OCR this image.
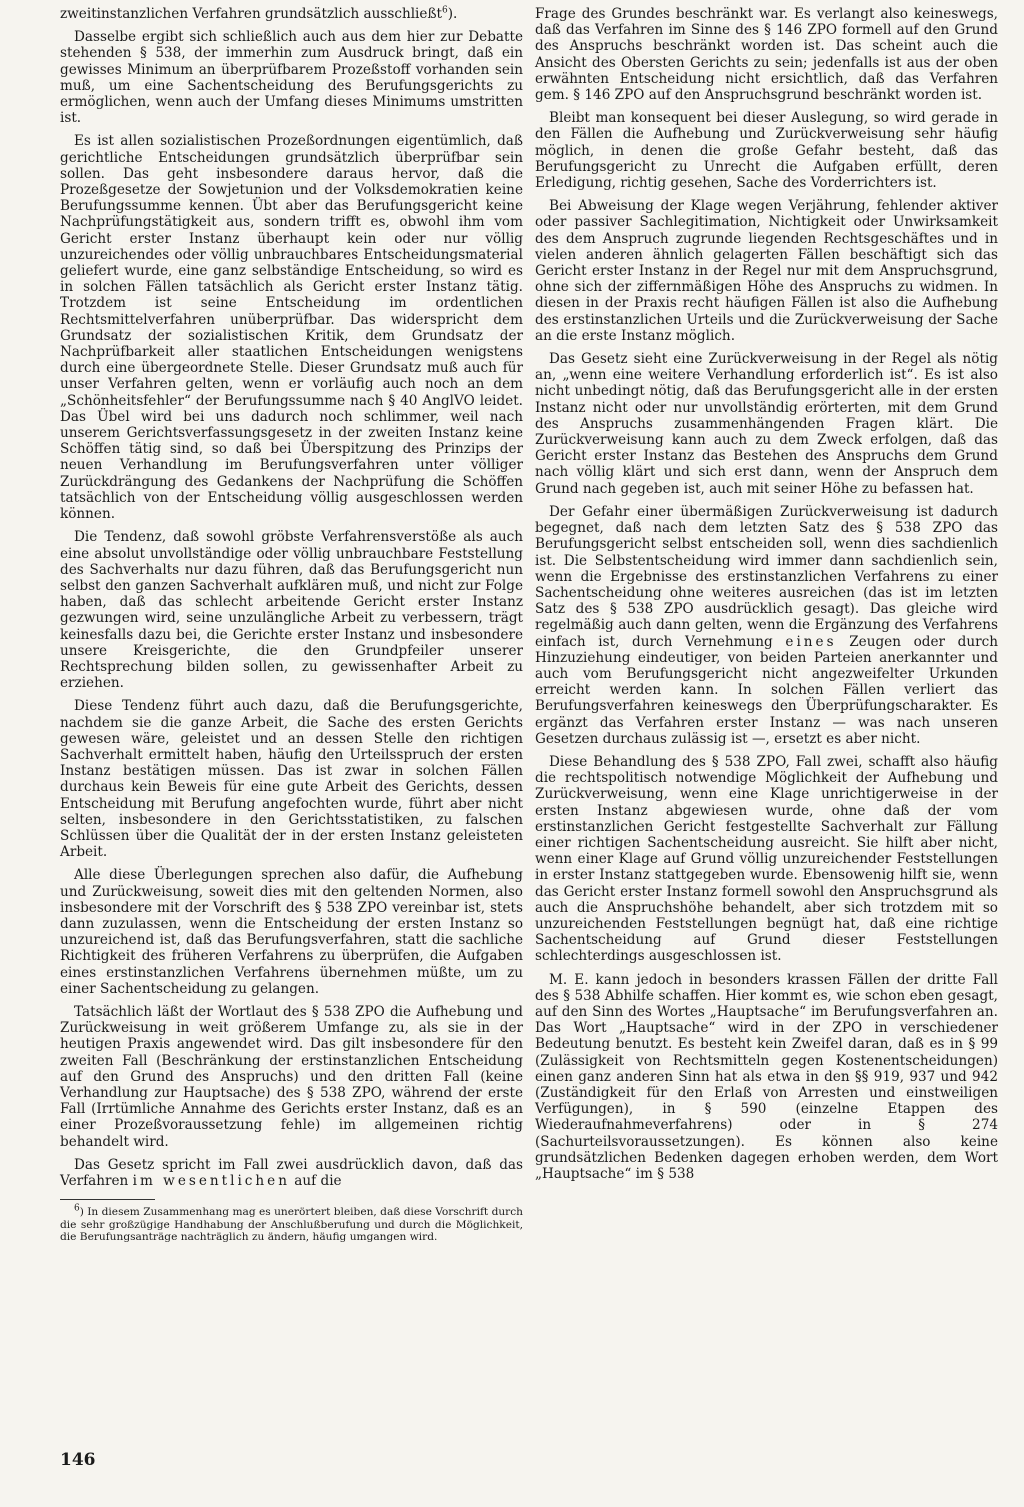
zweitinstanzlichen Verfahren grundsätzlich ausschließt$^6$).

Dasselbe ergibt sich schließlich auch aus dem hier zur Debatte stehenden § 538, der immerhin zum Ausdruck bringt, daß ein gewisses Minimum an überprüfbarem Prozeßstoff vorhanden sein muß, um eine Sachentscheidung des Berufungsgerichts zu ermöglichen, wenn auch der Umfang dieses Minimums umstritten ist.

Es ist allen sozialistischen Prozeßordnungen eigentümlich, daß gerichtliche Entscheidungen grundsätzlich überprüfbar sein sollen. Das geht insbesondere daraus hervor, daß die Prozeßgesetze der Sowjetunion und der Volksdemokratien keine Berufungssumme kennen. Übt aber das Berufungsgericht keine Nachprüfungstätigkeit aus, sondern trifft es, obwohl ihm vom Gericht erster Instanz überhaupt kein oder nur völlig unzureichendes oder völlig unbrauchbares Entscheidungsmaterial geliefert wurde, eine ganz selbständige Entscheidung, so wird es in solchen Fällen tatsächlich als Gericht erster Instanz tätig. Trotzdem ist seine Entscheidung im ordentlichen Rechtsmittelverfahren unüberprüfbar. Das widerspricht dem Grundsatz der sozialistischen Kritik, dem Grundsatz der Nachprüfbarkeit aller staatlichen Entscheidungen wenigstens durch eine übergeordnete Stelle. Dieser Grundsatz muß auch für unser Verfahren gelten, wenn er vorläufig auch noch an dem „Schönheitsfehler“ der Berufungssumme nach § 40 AnglVO leidet. Das Übel wird bei uns dadurch noch schlimmer, weil nach unserem Gerichtsverfassungsgesetz in der zweiten Instanz keine Schöffen tätig sind, so daß bei Überspitzung des Prinzips der neuen Verhandlung im Berufungsverfahren unter völliger Zurückdrängung des Gedankens der Nachprüfung die Schöffen tatsächlich von der Entscheidung völlig ausgeschlossen werden können.

Die Tendenz, daß sowohl gröbste Verfahrensverstöße als auch eine absolut unvollständige oder völlig unbrauchbare Feststellung des Sachverhalts nur dazu führen, daß das Berufungsgericht nun selbst den ganzen Sachverhalt aufklären muß, und nicht zur Folge haben, daß das schlecht arbeitende Gericht erster Instanz gezwungen wird, seine unzulängliche Arbeit zu verbessern, trägt keinesfalls dazu bei, die Gerichte erster Instanz und insbesondere unsere Kreisgerichte, die den Grundpfeiler unserer Rechtsprechung bilden sollen, zu gewissenhafter Arbeit zu erziehen.

Diese Tendenz führt auch dazu, daß die Berufungsgerichte, nachdem sie die ganze Arbeit, die Sache des ersten Gerichts gewesen wäre, geleistet und an dessen Stelle den richtigen Sachverhalt ermittelt haben, häufig den Urteilsspruch der ersten Instanz bestätigen müssen. Das ist zwar in solchen Fällen durchaus kein Beweis für eine gute Arbeit des Gerichts, dessen Entscheidung mit Berufung angefochten wurde, führt aber nicht selten, insbesondere in den Gerichtsstatistiken, zu falschen Schlüssen über die Qualität der in der ersten Instanz geleisteten Arbeit.

Alle diese Überlegungen sprechen also dafür, die Aufhebung und Zurückweisung, soweit dies mit den geltenden Normen, also insbesondere mit der Vorschrift des § 538 ZPO vereinbar ist, stets dann zuzulassen, wenn die Entscheidung der ersten Instanz so unzureichend ist, daß das Berufungsverfahren, statt die sachliche Richtigkeit des früheren Verfahrens zu überprüfen, die Aufgaben eines erstinstanzlichen Verfahrens übernehmen müßte, um zu einer Sachentscheidung zu gelangen.

Tatsächlich läßt der Wortlaut des § 538 ZPO die Aufhebung und Zurückweisung in weit größerem Umfange zu, als sie in der heutigen Praxis angewendet wird. Das gilt insbesondere für den zweiten Fall (Beschränkung der erstinstanzlichen Entscheidung auf den Grund des Anspruchs) und den dritten Fall (keine Verhandlung zur Hauptsache) des § 538 ZPO, während der erste Fall (Irrtümliche Annahme des Gerichts erster Instanz, daß es an einer Prozeßvoraussetzung fehle) im allgemeinen richtig behandelt wird.

Das Gesetz spricht im Fall zwei ausdrücklich davon, daß das Verfahren im wesentlichen auf die

$^6$) In diesem Zusammenhang mag es unerörtert bleiben, daß diese Vorschrift durch die sehr großzügige Handhabung der Anschlußberufung und durch die Möglichkeit, die Berufungsanträge nachträglich zu ändern, häufig umgangen wird.

Frage des Grundes beschränkt war. Es verlangt also keineswegs, daß das Verfahren im Sinne des § 146 ZPO formell auf den Grund des Anspruchs beschränkt worden ist. Das scheint auch die Ansicht des Obersten Gerichts zu sein; jedenfalls ist aus der oben erwähnten Entscheidung nicht ersichtlich, daß das Verfahren gem. § 146 ZPO auf den Anspruchsgrund beschränkt worden ist.

Bleibt man konsequent bei dieser Auslegung, so wird gerade in den Fällen die Aufhebung und Zurückverweisung sehr häufig möglich, in denen die große Gefahr besteht, daß das Berufungsgericht zu Unrecht die Aufgaben erfüllt, deren Erledigung, richtig gesehen, Sache des Vorderrichters ist.

Bei Abweisung der Klage wegen Verjährung, fehlender aktiver oder passiver Sachlegitimation, Nichtigkeit oder Unwirksamkeit des dem Anspruch zugrunde liegenden Rechtsgeschäftes und in vielen anderen ähnlich gelagerten Fällen beschäftigt sich das Gericht erster Instanz in der Regel nur mit dem Anspruchsgrund, ohne sich der ziffernmäßigen Höhe des Anspruchs zu widmen. In diesen in der Praxis recht häufigen Fällen ist also die Aufhebung des erstinstanzlichen Urteils und die Zurückverweisung der Sache an die erste Instanz möglich.

Das Gesetz sieht eine Zurückverweisung in der Regel als nötig an, „wenn eine weitere Verhandlung erforderlich ist“. Es ist also nicht unbedingt nötig, daß das Berufungsgericht alle in der ersten Instanz nicht oder nur unvollständig erörterten, mit dem Grund des Anspruchs zusammenhängenden Fragen klärt. Die Zurückverweisung kann auch zu dem Zweck erfolgen, daß das Gericht erster Instanz das Bestehen des Anspruchs dem Grund nach völlig klärt und sich erst dann, wenn der Anspruch dem Grund nach gegeben ist, auch mit seiner Höhe zu befassen hat.

Der Gefahr einer übermäßigen Zurückverweisung ist dadurch begegnet, daß nach dem letzten Satz des § 538 ZPO das Berufungsgericht selbst entscheiden soll, wenn dies sachdienlich ist. Die Selbstentscheidung wird immer dann sachdienlich sein, wenn die Ergebnisse des erstinstanzlichen Verfahrens zu einer Sachentscheidung ohne weiteres ausreichen (das ist im letzten Satz des § 538 ZPO ausdrücklich gesagt). Das gleiche wird regelmäßig auch dann gelten, wenn die Ergänzung des Verfahrens einfach ist, durch Vernehmung eines Zeugen oder durch Hinzuziehung eindeutiger, von beiden Parteien anerkannter und auch vom Berufungsgericht nicht angezweifelter Urkunden erreicht werden kann. In solchen Fällen verliert das Berufungsverfahren keineswegs den Überprüfungscharakter. Es ergänzt das Verfahren erster Instanz — was nach unseren Gesetzen durchaus zulässig ist —, ersetzt es aber nicht.

Diese Behandlung des § 538 ZPO, Fall zwei, schafft also häufig die rechtspolitisch notwendige Möglichkeit der Aufhebung und Zurückverweisung, wenn eine Klage unrichtigerweise in der ersten Instanz abgewiesen wurde, ohne daß der vom erstinstanzlichen Gericht festgestellte Sachverhalt zur Fällung einer richtigen Sachentscheidung ausreicht. Sie hilft aber nicht, wenn einer Klage auf Grund völlig unzureichender Feststellungen in erster Instanz stattgegeben wurde. Ebensowenig hilft sie, wenn das Gericht erster Instanz formell sowohl den Anspruchsgrund als auch die Anspruchshöhe behandelt, aber sich trotzdem mit so unzureichenden Feststellungen begnügt hat, daß eine richtige Sachentscheidung auf Grund dieser Feststellungen schlechterdings ausgeschlossen ist.

M. E. kann jedoch in besonders krassen Fällen der dritte Fall des § 538 Abhilfe schaffen. Hier kommt es, wie schon eben gesagt, auf den Sinn des Wortes „Hauptsache“ im Berufungsverfahren an. Das Wort „Hauptsache“ wird in der ZPO in verschiedener Bedeutung benutzt. Es besteht kein Zweifel daran, daß es in § 99 (Zulässigkeit von Rechtsmitteln gegen Kostenentscheidungen) einen ganz anderen Sinn hat als etwa in den §§ 919, 937 und 942 (Zuständigkeit für den Erlaß von Arresten und einstweiligen Verfügungen), in § 590 (einzelne Etappen des Wiederaufnahmeverfahrens) oder in § 274 (Sachurteilsvoraussetzungen). Es können also keine grundsätzlichen Bedenken dagegen erhoben werden, dem Wort „Hauptsache“ im § 538

146
